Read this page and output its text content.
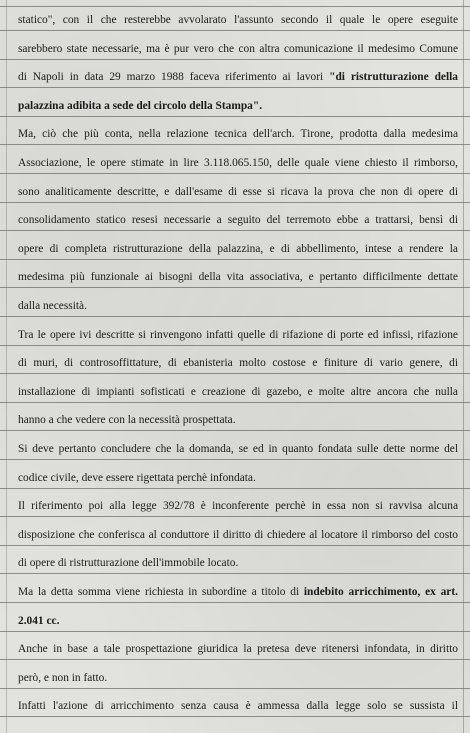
statico", con il che resterebbe avvolarato l'assunto secondo il quale le opere eseguite
sarebbero state necessarie, ma è pur vero che con altra comunicazione il medesimo Comune
di Napoli in data 29 marzo 1988 faceva riferimento ai lavori "di ristrutturazione della
palazzina adibita a sede del circolo della Stampa".
Ma, ciò che più conta, nella relazione tecnica dell'arch. Tirone, prodotta dalla medesima
Associazione, le opere stimate in lire 3.118.065.150, delle quale viene chiesto il rimborso,
sono analiticamente descritte, e dall'esame di esse si ricava la prova che non di opere di
consolidamento statico resesi necessarie a seguito del terremoto ebbe a trattarsi, bensì di
opere di completa ristrutturazione della palazzina, e di abbellimento, intese a rendere la
medesima più funzionale ai bisogni della vita associativa, e pertanto difficilmente dettate
dalla necessità.
Tra le opere ivi descritte si rinvengono infatti quelle di rifazione di porte ed infissi, rifazione
di muri, di controsoffittature, di ebanisteria molto costose e finiture di vario genere, di
installazione di impianti sofisticati e creazione di gazebo, e molte altre ancora che nulla
hanno a che vedere con la necessità prospettata.
Si deve pertanto concludere che la domanda, se ed in quanto fondata sulle dette norme del
codice civile, deve essere rigettata perchè infondata.
Il riferimento poi alla legge 392/78 è inconferente perchè in essa non si ravvisa alcuna
disposizione che conferisca al conduttore il diritto di chiedere al locatore il rimborso del costo
di opere di ristrutturazione dell'immobile locato.
Ma la detta somma viene richiesta in subordine a titolo di indebito arricchimento, ex art.
2.041 cc.
Anche in base a tale prospettazione giuridica la pretesa deve ritenersi infondata, in diritto
però, e non in fatto.
Infatti l'azione di arricchimento senza causa è ammessa dalla legge solo se sussista il
